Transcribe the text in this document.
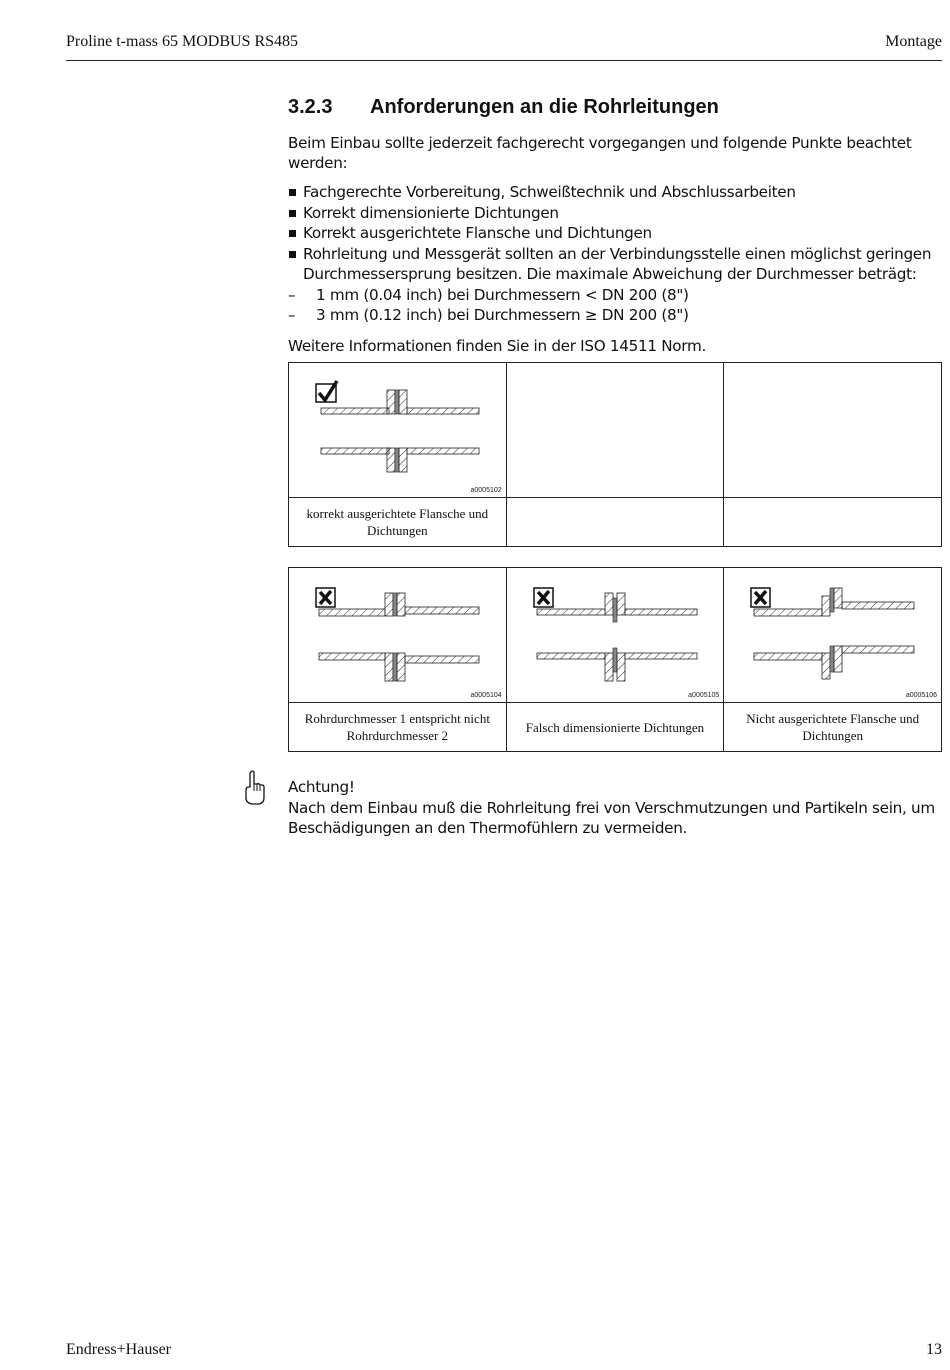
Proline t-mass 65 MODBUS RS485	Montage
3.2.3	Anforderungen an die Rohrleitungen

Beim Einbau sollte jederzeit fachgerecht vorgegangen und folgende Punkte beachtet werden:

Fachgerechte Vorbereitung, Schweißtechnik und Abschlussarbeiten
Korrekt dimensionierte Dichtungen
Korrekt ausgerichtete Flansche und Dichtungen
Rohrleitung und Messgerät sollten an der Verbindungsstelle einen möglichst geringen Durchmessersprung besitzen. Die maximale Abweichung der Durchmesser beträgt:
– 1 mm (0.04 inch) bei Durchmessern < DN 200 (8")
– 3 mm (0.12 inch) bei Durchmessern ≥ DN 200 (8")

Weitere Informationen finden Sie in der ISO 14511 Norm.

a0005102		

korrekt ausgerichtete Flansche und Dichtungen		
a0005104	a0005105	a0005106

Rohrdurchmesser 1 entspricht nicht Rohrdurchmesser 2	Falsch dimensionierte Dichtungen	Nicht ausgerichtete Flansche und Dichtungen

Achtung!

Nach dem Einbau muß die Rohrleitung frei von Verschmutzungen und Partikeln sein, um Beschädigungen an den Thermofühlern zu vermeiden.

Endress+Hauser	13
